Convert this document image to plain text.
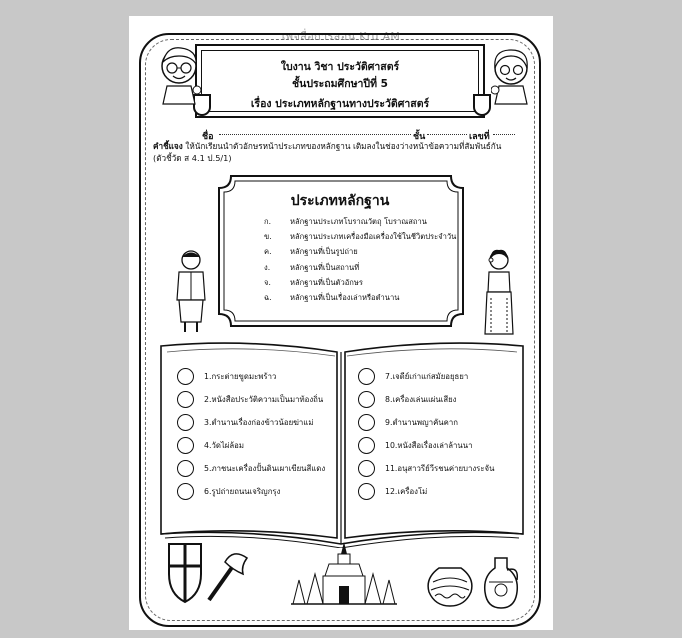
เพจสื่อการสอน Kru AM
ใบงาน วิชา ประวัติศาสตร์
ชั้นประถมศึกษาปีที่ 5
เรื่อง ประเภทหลักฐานทางประวัติศาสตร์
ชื่อ	ชั้น	เลขที่
คำชี้แจง ให้นักเรียนนำตัวอักษรหน้าประเภทของหลักฐาน เติมลงในช่องว่างหน้าข้อความที่สัมพันธ์กัน
(ตัวชี้วัด ส 4.1 ป.5/1)
ประเภทหลักฐาน
ก.	หลักฐานประเภทโบราณวัตถุ โบราณสถาน
ข.	หลักฐานประเภทเครื่องมือเครื่องใช้ในชีวิตประจำวัน
ค.	หลักฐานที่เป็นรูปถ่าย
ง.	หลักฐานที่เป็นสถานที่
จ.	หลักฐานที่เป็นตัวอักษร
ฉ.	หลักฐานที่เป็นเรื่องเล่าหรือตำนาน
1.กระต่ายขูดมะพร้าว
2.หนังสือประวัติความเป็นมาท้องถิ่น
3.ตำนานเรื่องก่องข้าวน้อยฆ่าแม่
4.วัดไผ่ล้อม
5.ภาชนะเครื่องปั้นดินเผาเขียนสีแดง
6.รูปถ่ายถนนเจริญกรุง
7.เจดีย์เก่าแก่สมัยอยุธยา
8.เครื่องเล่นแผ่นเสียง
9.ตำนานพญาคันคาก
10.หนังสือเรื่องเล่าล้านนา
11.อนุสาวรีย์วีรชนค่ายบางระจัน
12.เครื่องโม่
